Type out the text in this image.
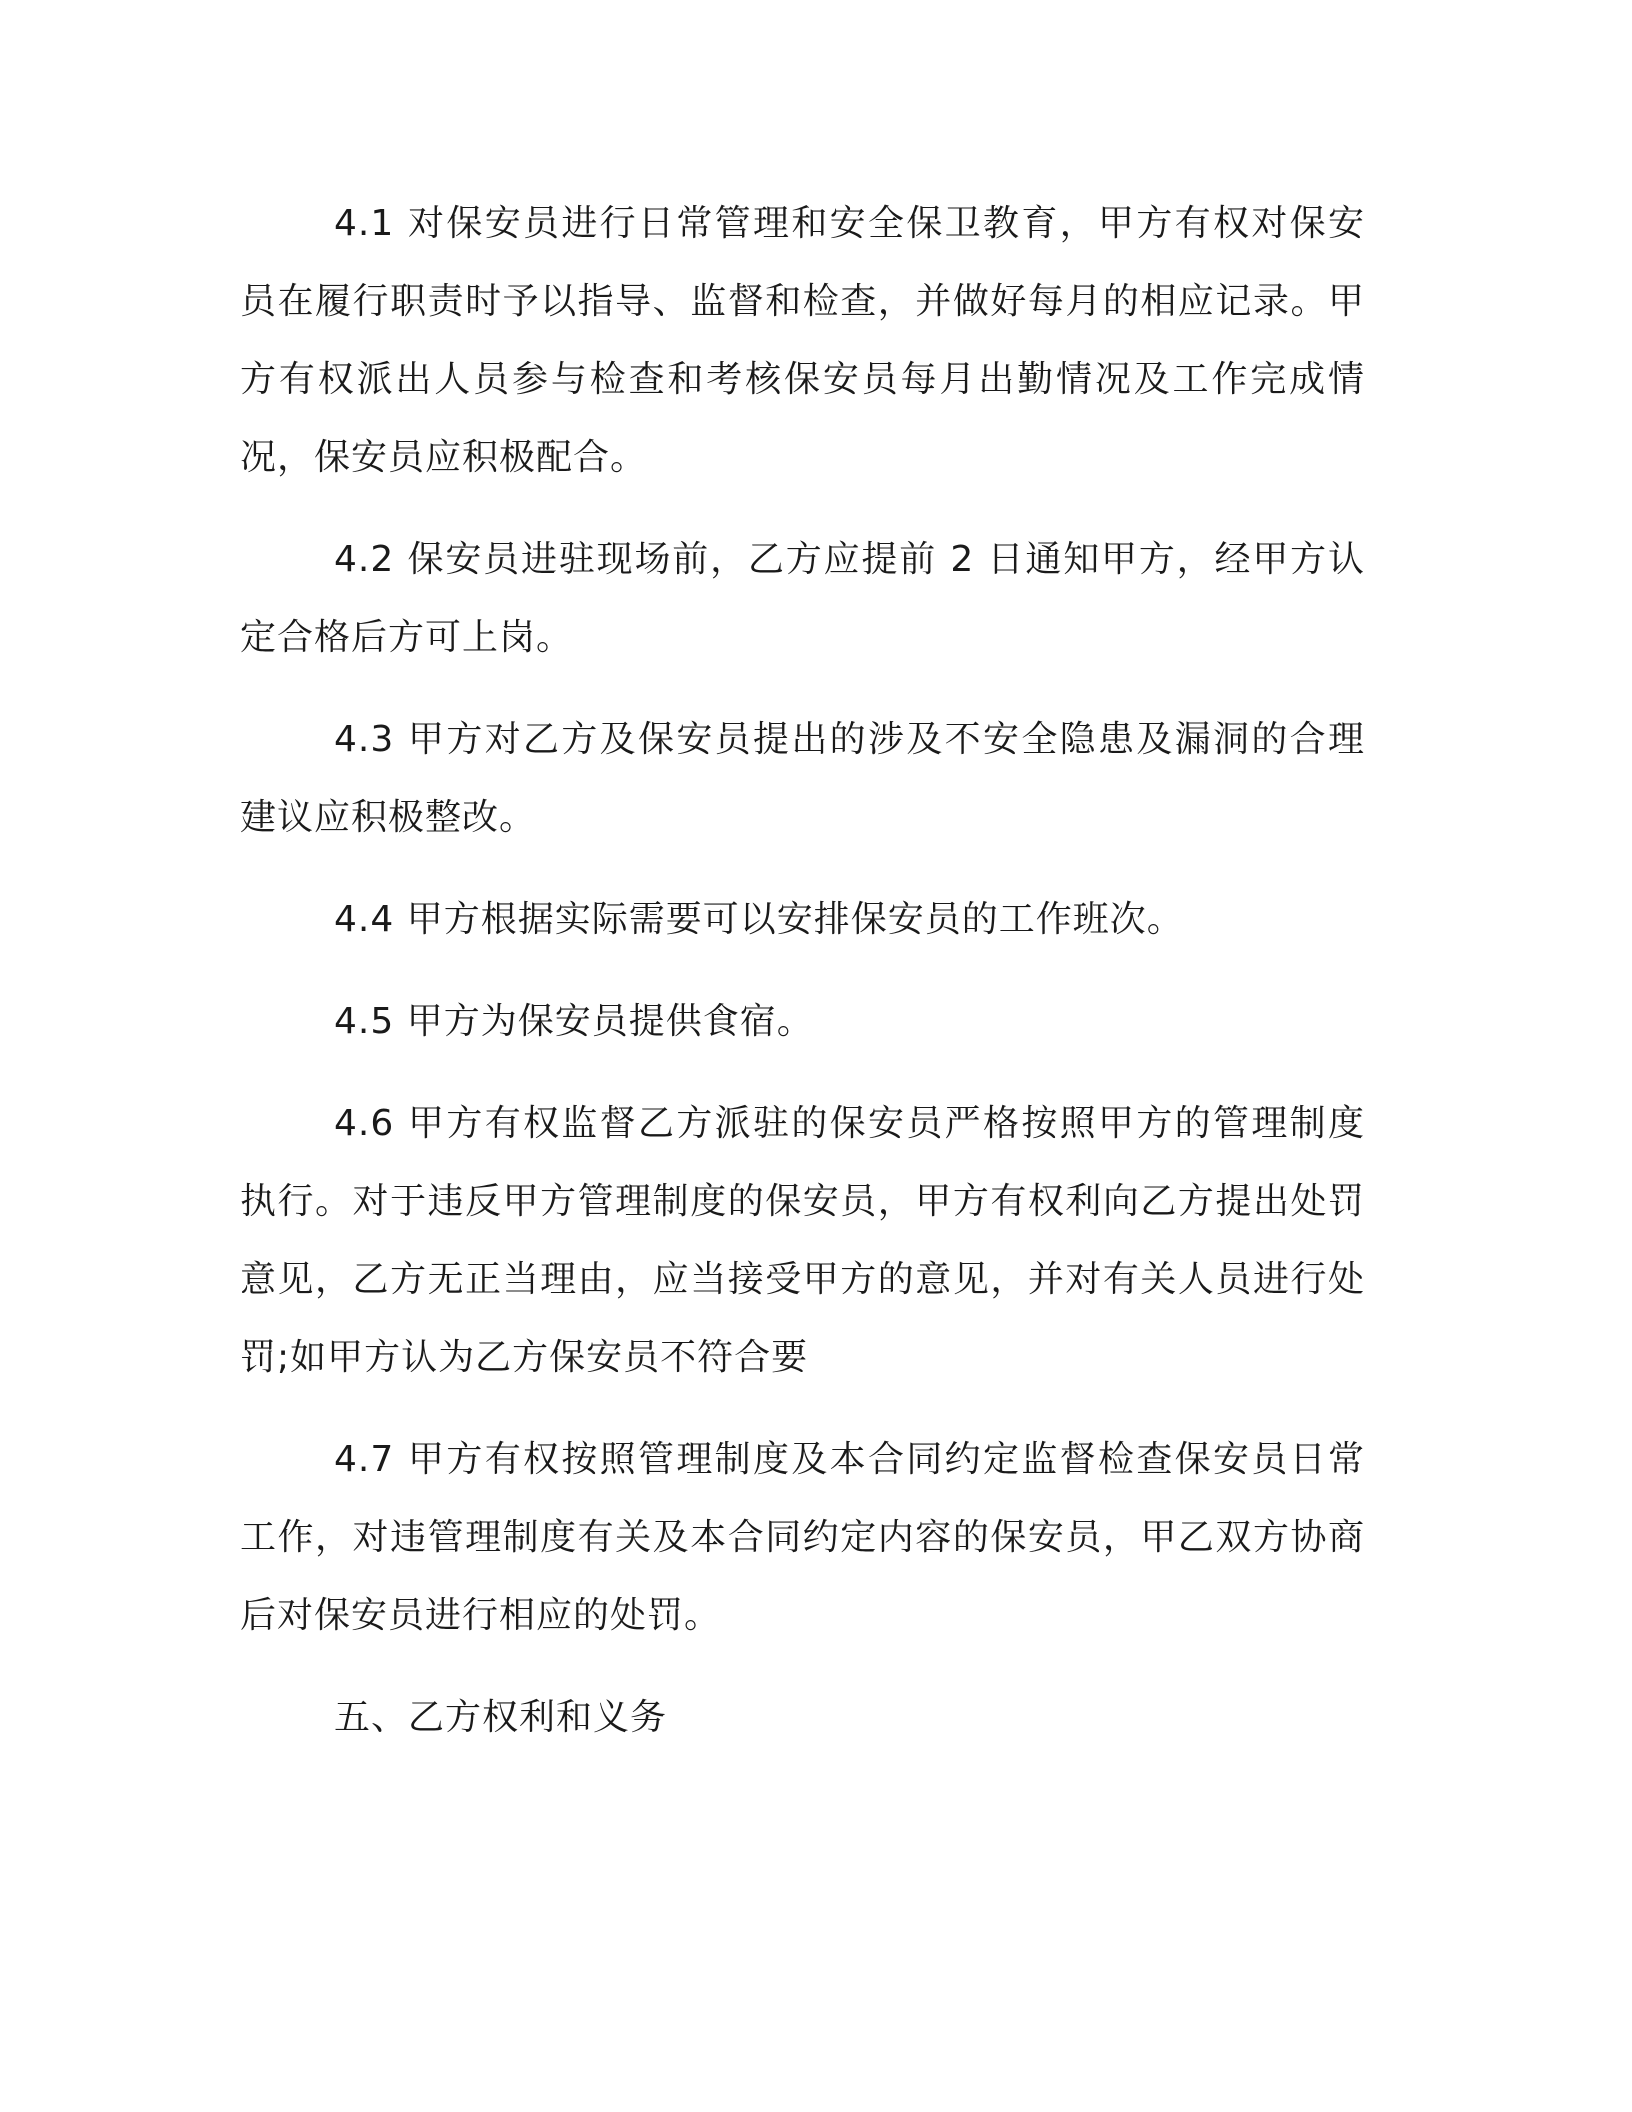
4.1 对保安员进行日常管理和安全保卫教育，甲方有权对保安员在履行职责时予以指导、监督和检查，并做好每月的相应记录。甲方有权派出人员参与检查和考核保安员每月出勤情况及工作完成情况，保安员应积极配合。

4.2 保安员进驻现场前，乙方应提前 2 日通知甲方，经甲方认定合格后方可上岗。

4.3 甲方对乙方及保安员提出的涉及不安全隐患及漏洞的合理建议应积极整改。

4.4 甲方根据实际需要可以安排保安员的工作班次。

4.5 甲方为保安员提供食宿。

4.6 甲方有权监督乙方派驻的保安员严格按照甲方的管理制度执行。对于违反甲方管理制度的保安员，甲方有权利向乙方提出处罚意见，乙方无正当理由，应当接受甲方的意见，并对有关人员进行处罚;如甲方认为乙方保安员不符合要

4.7 甲方有权按照管理制度及本合同约定监督检查保安员日常工作，对违管理制度有关及本合同约定内容的保安员，甲乙双方协商后对保安员进行相应的处罚。

五、乙方权利和义务
